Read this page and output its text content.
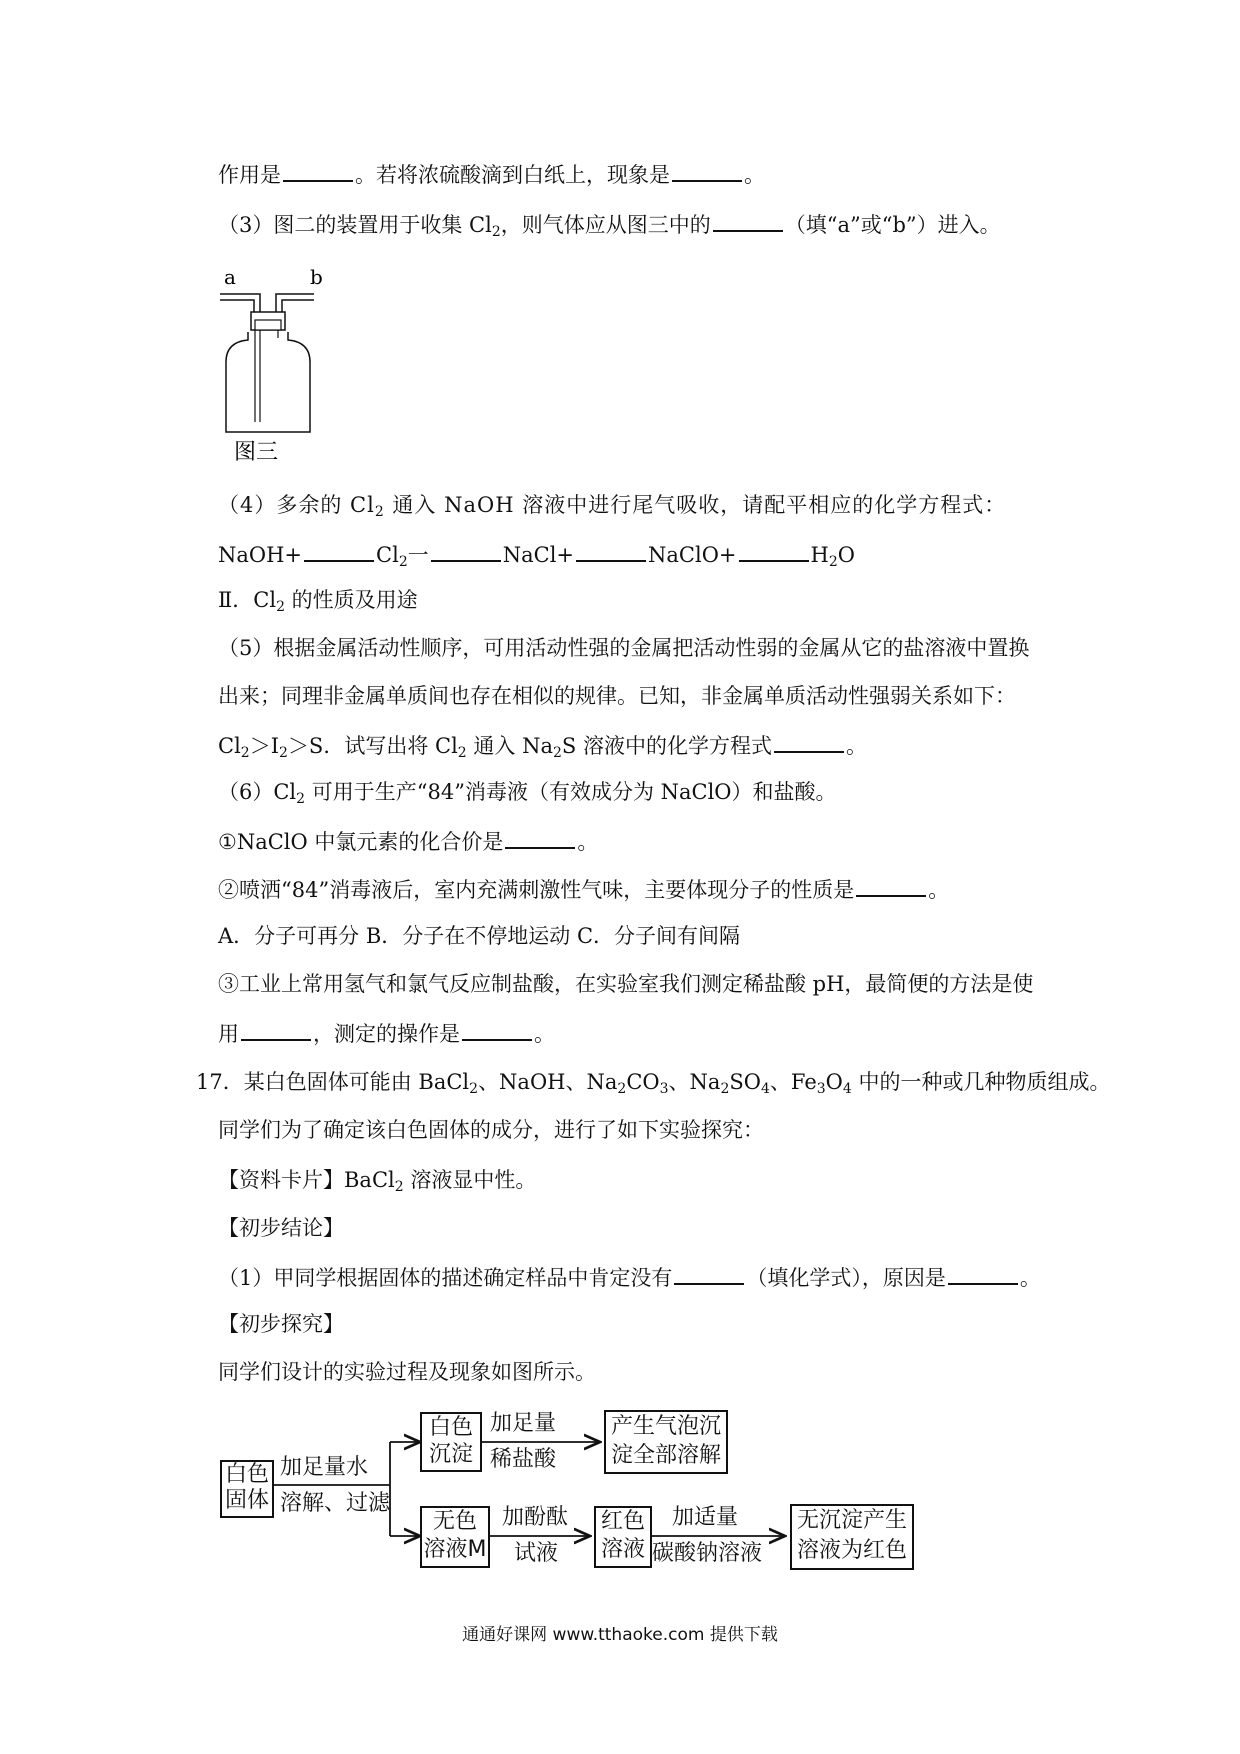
作用是	。若将浓硫酸滴到白纸上，现象是	。
（3）图二的装置用于收集 $Cl_2$，则气体应从图三中的	（填“a”或“b”）进入。
a	b
图三
（4）多余的 $Cl_2$ 通入 NaOH 溶液中进行尾气吸收，请配平相应的化学方程式：
NaOH+	$Cl_2$一	NaCl+	NaClO+	$H_2O$
Ⅱ．$Cl_2$ 的性质及用途
（5）根据金属活动性顺序，可用活动性强的金属把活动性弱的金属从它的盐溶液中置换
出来；同理非金属单质间也存在相似的规律。已知，非金属单质活动性强弱关系如下：
$Cl_2>I_2>S$．试写出将 $Cl_2$ 通入 $Na_2S$ 溶液中的化学方程式	。
$(6)Cl_2$ 可用于生产“84”消毒液（有效成分为 NaClO）和盐酸。
①NaClO 中氯元素的化合价是	。
②喷洒“84”消毒液后，室内充满刺激性气味，主要体现分子的性质是	。
A．分子可再分 B．分子在不停地运动 C．分子间有间隔
③工业上常用氢气和氯气反应制盐酸，在实验室我们测定稀盐酸 pH，最简便的方法是使
用	，测定的操作是	。
17．某白色固体可能由 BaCl$_2$、NaOH、$Na_2CO_3$、$Na_2SO_4$、$Fe_3O_4$ 中的一种或几种物质组成。
同学们为了确定该白色固体的成分，进行了如下实验探究：
【资料卡片】BaCl$_2$ 溶液显中性。
【初步结论】
（1）甲同学根据固体的描述确定样品中肯定没有	（填化学式），原因是	。
【初步探究】
同学们设计的实验过程及现象如图所示。
白色
固体
加足量水
溶解、过滤
白色
沉淀
加足量
稀盐酸
产生气泡沉
淀全部溶解
无色
溶液M
加酚酞
试液
红色
溶液
加适量
碳酸钠溶液
无沉淀产生
溶液为红色
通通好课网 www.tthaoke.com 提供下载
